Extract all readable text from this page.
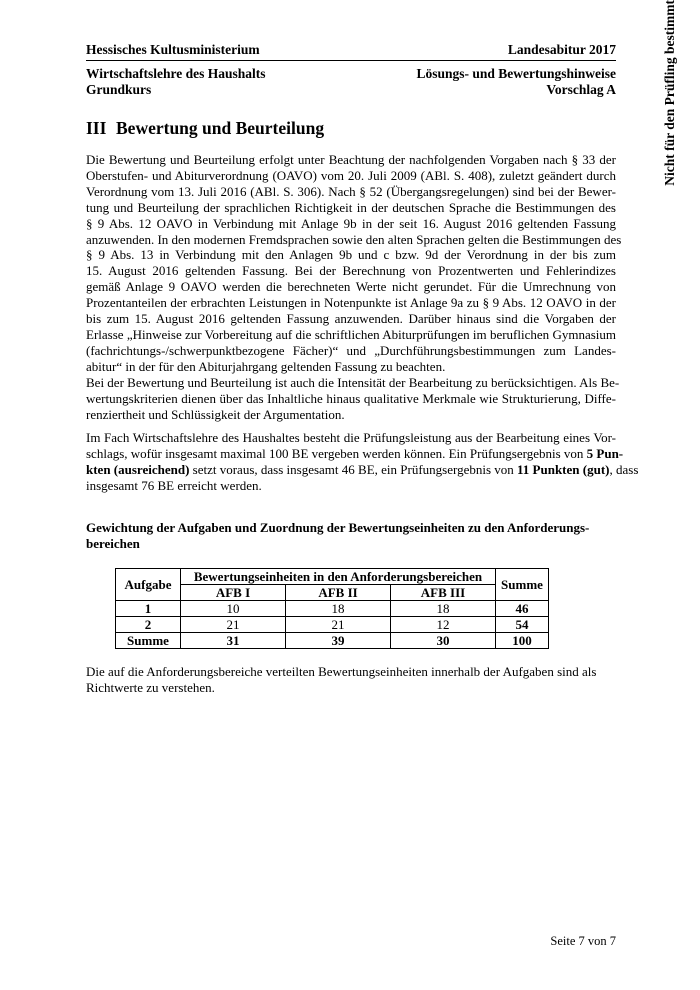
Hessisches Kultusministerium	Landesabitur 2017
Wirtschaftslehre des Haushalts	Lösungs- und Bewertungshinweise
Grundkurs	Vorschlag A	Nicht für den Prüfling bestimmt
III Bewertung und Beurteilung
Die Bewertung und Beurteilung erfolgt unter Beachtung der nachfolgenden Vorgaben nach § 33 der
Oberstufen- und Abiturverordnung (OAVO) vom 20. Juli 2009 (ABl. S. 408), zuletzt geändert durch
Verordnung vom 13. Juli 2016 (ABl. S. 306). Nach § 52 (Übergangsregelungen) sind bei der Bewer-
tung und Beurteilung der sprachlichen Richtigkeit in der deutschen Sprache die Bestimmungen des
§ 9 Abs. 12 OAVO in Verbindung mit Anlage 9b in der seit 16. August 2016 geltenden Fassung
anzuwenden. In den modernen Fremdsprachen sowie den alten Sprachen gelten die Bestimmungen des
§ 9 Abs. 13 in Verbindung mit den Anlagen 9b und c bzw. 9d der Verordnung in der bis zum
15. August 2016 geltenden Fassung. Bei der Berechnung von Prozentwerten und Fehlerindizes
gemäß Anlage 9 OAVO werden die berechneten Werte nicht gerundet. Für die Umrechnung von
Prozentanteilen der erbrachten Leistungen in Notenpunkte ist Anlage 9a zu § 9 Abs. 12 OAVO in der
bis zum 15. August 2016 geltenden Fassung anzuwenden. Darüber hinaus sind die Vorgaben der
Erlasse „Hinweise zur Vorbereitung auf die schriftlichen Abiturprüfungen im beruflichen Gymnasium
(fachrichtungs-/schwerpunktbezogene Fächer)“ und „Durchführungsbestimmungen zum Landes-
abitur“ in der für den Abiturjahrgang geltenden Fassung zu beachten.
Bei der Bewertung und Beurteilung ist auch die Intensität der Bearbeitung zu berücksichtigen. Als Be-
wertungskriterien dienen über das Inhaltliche hinaus qualitative Merkmale wie Strukturierung, Diffe-
renziertheit und Schlüssigkeit der Argumentation.
Im Fach Wirtschaftslehre des Haushaltes besteht die Prüfungsleistung aus der Bearbeitung eines Vor-
schlags, wofür insgesamt maximal 100 BE vergeben werden können. Ein Prüfungsergebnis von 5 Pun-
kten (ausreichend) setzt voraus, dass insgesamt 46 BE, ein Prüfungsergebnis von 11 Punkten (gut), dass
insgesamt 76 BE erreicht werden.
Gewichtung der Aufgaben und Zuordnung der Bewertungseinheiten zu den Anforderungs-bereichen
Aufgabe	Bewertungseinheiten in den Anforderungsbereichen			Summe
	AFB I	AFB II	AFB III	
1	10	18	18	46
2	21	21	12	54
Summe	31	39	30	100
Die auf die Anforderungsbereiche verteilten Bewertungseinheiten innerhalb der Aufgaben sind als
Richtwerte zu verstehen.
Seite 7 von 7
